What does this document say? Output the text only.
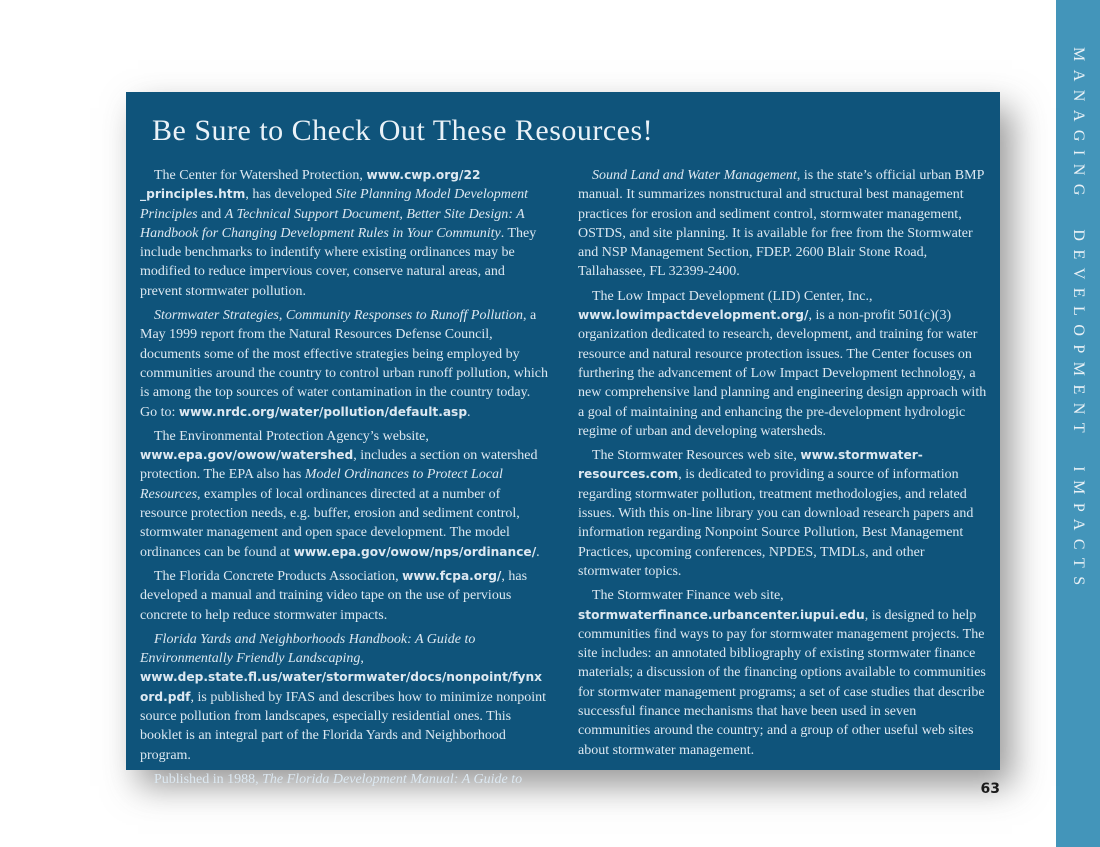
MANAGING DEVELOPMENT IMPACTS
Be Sure to Check Out These Resources!

The Center for Watershed Protection, www.cwp.org/22 _principles.htm, has developed Site Planning Model Development Principles and A Technical Support Document, Better Site Design: A Handbook for Changing Development Rules in Your Community. They include benchmarks to indentify where existing ordinances may be modified to reduce impervious cover, conserve natural areas, and prevent stormwater pollution.

Stormwater Strategies, Community Responses to Runoff Pollution, a May 1999 report from the Natural Resources Defense Council, documents some of the most effective strategies being employed by communities around the country to control urban runoff pollution, which is among the top sources of water contamination in the country today. Go to: www.nrdc.org/water/pollution/default.asp.

The Environmental Protection Agency’s website, www.epa.gov/owow/watershed, includes a section on watershed protection. The EPA also has Model Ordinances to Protect Local Resources, examples of local ordinances directed at a number of resource protection needs, e.g. buffer, erosion and sediment control, stormwater management and open space development. The model ordinances can be found at www.epa.gov/owow/nps/ordinance/.

The Florida Concrete Products Association, www.fcpa.org/, has developed a manual and training video tape on the use of pervious concrete to help reduce stormwater impacts.

Florida Yards and Neighborhoods Handbook: A Guide to Environmentally Friendly Landscaping, www.dep.state.fl.us/water/stormwater/docs/nonpoint/fynxord.pdf, is published by IFAS and describes how to minimize nonpoint source pollution from landscapes, especially residential ones. This booklet is an integral part of the Florida Yards and Neighborhood program.

Published in 1988, The Florida Development Manual: A Guide to

Sound Land and Water Management, is the state’s official urban BMP manual. It summarizes nonstructural and structural best management practices for erosion and sediment control, stormwater management, OSTDS, and site planning. It is available for free from the Stormwater and NSP Management Section, FDEP. 2600 Blair Stone Road, Tallahassee, FL 32399-2400.

The Low Impact Development (LID) Center, Inc., www.lowimpactdevelopment.org/, is a non-profit 501(c)(3) organization dedicated to research, development, and training for water resource and natural resource protection issues. The Center focuses on furthering the advancement of Low Impact Development technology, a new comprehensive land planning and engineering design approach with a goal of maintaining and enhancing the pre-development hydrologic regime of urban and developing watersheds.

The Stormwater Resources web site, www.stormwater-resources.com, is dedicated to providing a source of information regarding stormwater pollution, treatment methodologies, and related issues. With this on-line library you can download research papers and information regarding Nonpoint Source Pollution, Best Management Practices, upcoming conferences, NPDES, TMDLs, and other stormwater topics.

The Stormwater Finance web site, stormwaterfinance.urbancenter.iupui.edu, is designed to help communities find ways to pay for stormwater management projects. The site includes: an annotated bibliography of existing stormwater finance materials; a discussion of the financing options available to communities for stormwater management programs; a set of case studies that describe successful finance mechanisms that have been used in seven communities around the country; and a group of other useful web sites about stormwater management.

63
